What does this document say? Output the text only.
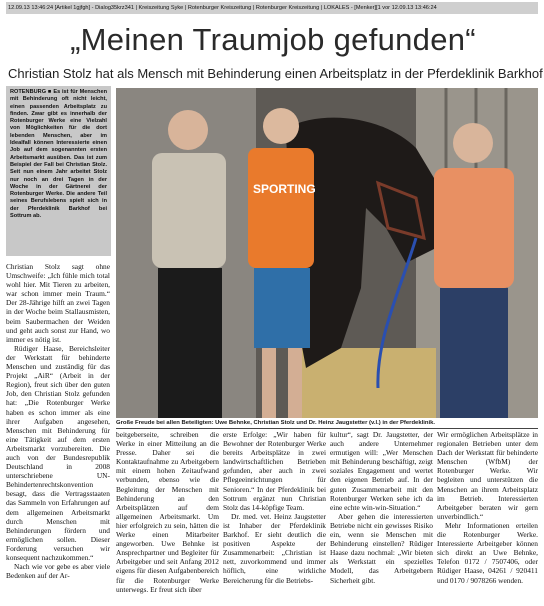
12.09.13 13:46:24 [Artikel 1gjfgh] - Dialog35krz341 | Kreiszeitung Syke | Rotenburger Kreiszeitung | Rotenburger Kreiszeitung | LOKALES - [Menker][1 vor 12.09.13 13:46:24
„Meinen Traumjob gefunden“
Christian Stolz hat als Mensch mit Behinderung einen Arbeitsplatz in der Pferdeklinik Barkhof
ROTENBURG ■ Es ist für Menschen mit Behinderung oft nicht leicht, einen passenden Arbeitsplatz zu finden. Zwar gibt es innerhalb der Rotenburger Werke eine Vielzahl von Möglichkeiten für die dort lebenden Menschen, aber im Idealfall können Interessierte einen Job auf dem sogenannten ersten Arbeitsmarkt ausüben. Das ist zum Beispiel der Fall bei Christian Stolz. Seit nun einem Jahr arbeitet Stolz nur noch an drei Tagen in der Woche in der Gärtnerei der Rotenburger Werke. Die andere Teil seines Berufslebens spielt sich in der Pferdeklinik Barkhof bei Sottrum ab.

Christian Stolz sagt ohne Umschweife: „Ich fühle mich total wohl hier. Mit Tieren zu arbeiten, war schon immer mein Traum.“ Der 28-Jährige hilft an zwei Tagen in der Woche beim Stallausmisten, beim Saubermachen der Weiden und geht auch sonst zur Hand, wo immer es nötig ist.

Rüdiger Haase, Bereichsleiter der Werkstatt für behinderte Menschen und zuständig für das Projekt „AiR“ (Arbeit in der Region), freut sich über den guten Job, den Christian Stolz gefunden hat: „Die Rotenburger Werke haben es schon immer als eine ihrer Aufgaben angesehen, Menschen mit Behinderung für eine Tätigkeit auf dem ersten Arbeitsmarkt vorzubereiten. Die auch von der Bundesrepublik Deutschland in 2008 unterschriebene UN-Behindertenrechtskonvention besagt, dass die Vertragsstaaten das Sammeln von Erfahrungen auf dem allgemeinen Arbeitsmarkt durch Menschen mit Behinderungen fördern und ermöglichen sollen. Dieser Forderung versuchen wir konsequent nachzukommen.“

Nach wie vor gebe es aber viele Bedenken auf der Ar-

SPORTING
Große Freude bei allen Beteiligten: Uwe Behnke, Christian Stolz und Dr. Heinz Jaugstetter (v.l.) in der Pferdeklinik.

beitgeberseite, schreiben die Werke in einer Mitteilung an die Presse. Daher sei die Kontaktaufnahme zu Arbeitgebern mit einem hohen Zeitaufwand verbunden, ebenso wie die Begleitung der Menschen mit Behinderung an den Arbeitsplätzen auf dem allgemeinen Arbeitsmarkt. Um hier erfolgreich zu sein, hätten die Werke einen Mitarbeiter angeworben. Uwe Behnke ist Ansprechpartner und Begleiter für Arbeitgeber und seit Anfang 2012 eigens für diesen Aufgabenbereich für die Rotenburger Werke unterwegs. Er freut sich über

erste Erfolge: „Wir haben für Bewohner der Rotenburger Werke bereits Arbeitsplätze in zwei landwirtschaftlichen Betrieben gefunden, aber auch in zwei Pflegeeinrichtungen für Senioren.“ In der Pferdeklinik bei Sottrum ergänzt nun Christian Stolz das 14-köpfige Team.

Dr. med. vet. Heinz Jaugstetter ist Inhaber der Pferdeklinik Barkhof. Er sieht deutlich die positiven Aspekte der Zusammenarbeit: „Christian ist nett, zuvorkommend und immer höflich, eine wirkliche Bereicherung für die Betriebs-

kultur“, sagt Dr. Jaugstetter, der auch andere Unternehmer ermutigen will: „Wer Menschen mit Behinderung beschäftigt, zeigt soziales Engagement und wertet den eigenen Betrieb auf. In der guten Zusammenarbeit mit den Rotenburger Werken sehe ich da eine echte win-win-Situation.“

Aber gehen die interessierten Betriebe nicht ein gewisses Risiko ein, wenn sie Menschen mit Behinderung einstellen? Rüdiger Haase dazu nochmal: „Wir bieten als Werkstatt ein spezielles Modell, das Arbeitgebern Sicherheit gibt.

Wir ermöglichen Arbeitsplätze in regionalen Betrieben unter dem Dach der Werkstatt für behinderte Menschen (WfbM) der Rotenburger Werke. Wir begleiten und unterstützen die Menschen an ihrem Arbeitsplatz im Betrieb. Interessierten Arbeitgeber beraten wir gern unverbindlich.“

Mehr Informationen erteilen die Rotenburger Werke. Interessierte Arbeitgeber können sich direkt an Uwe Behnke, Telefon 0172 / 7507406, oder Rüdiger Haase, 04261 / 920411 und 0170 / 9078266 wenden.
